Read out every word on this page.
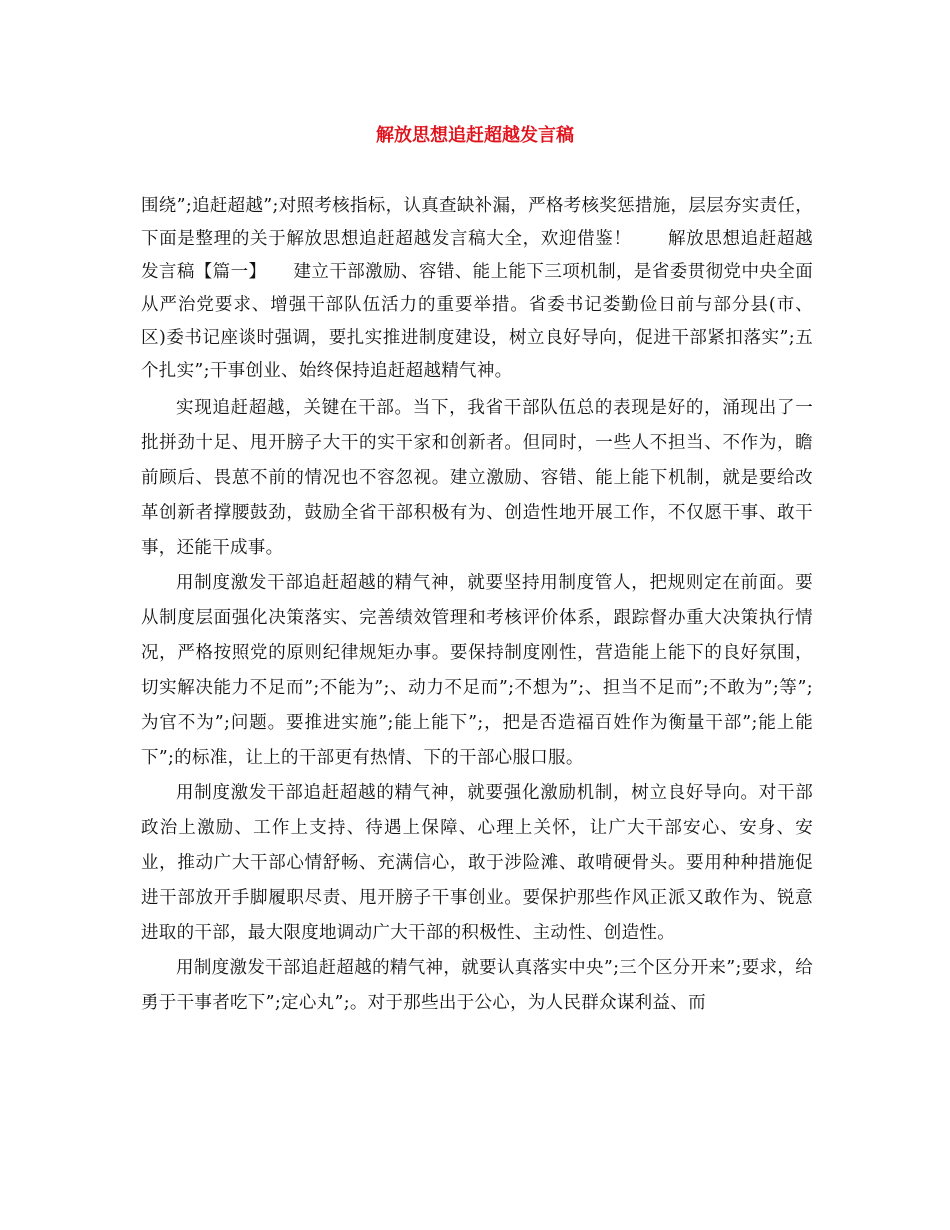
解放思想追赶超越发言稿

围绕”;追赶超越”;对照考核指标，认真查缺补漏，严格考核奖惩措施，层层夯实责任，下面是整理的关于解放思想追赶超越发言稿大全，欢迎借鉴！　　解放思想追赶超越发言稿【篇一】　　建立干部激励、容错、能上能下三项机制，是省委贯彻党中央全面从严治党要求、增强干部队伍活力的重要举措。省委书记娄勤俭日前与部分县(市、区)委书记座谈时强调，要扎实推进制度建设，树立良好导向，促进干部紧扣落实”;五个扎实”;干事创业、始终保持追赶超越精气神。

实现追赶超越，关键在干部。当下，我省干部队伍总的表现是好的，涌现出了一批拼劲十足、甩开膀子大干的实干家和创新者。但同时，一些人不担当、不作为，瞻前顾后、畏葸不前的情况也不容忽视。建立激励、容错、能上能下机制，就是要给改革创新者撑腰鼓劲，鼓励全省干部积极有为、创造性地开展工作，不仅愿干事、敢干事，还能干成事。

用制度激发干部追赶超越的精气神，就要坚持用制度管人，把规则定在前面。要从制度层面强化决策落实、完善绩效管理和考核评价体系，跟踪督办重大决策执行情况，严格按照党的原则纪律规矩办事。要保持制度刚性，营造能上能下的良好氛围，切实解决能力不足而”;不能为”;、动力不足而”;不想为”;、担当不足而”;不敢为”;等”;为官不为”;问题。要推进实施”;能上能下”;，把是否造福百姓作为衡量干部”;能上能下”;的标准，让上的干部更有热情、下的干部心服口服。

用制度激发干部追赶超越的精气神，就要强化激励机制，树立良好导向。对干部政治上激励、工作上支持、待遇上保障、心理上关怀，让广大干部安心、安身、安业，推动广大干部心情舒畅、充满信心，敢于涉险滩、敢啃硬骨头。要用种种措施促进干部放开手脚履职尽责、甩开膀子干事创业。要保护那些作风正派又敢作为、锐意进取的干部，最大限度地调动广大干部的积极性、主动性、创造性。

用制度激发干部追赶超越的精气神，就要认真落实中央”;三个区分开来”;要求，给勇于干事者吃下”;定心丸”;。对于那些出于公心，为人民群众谋利益、而
